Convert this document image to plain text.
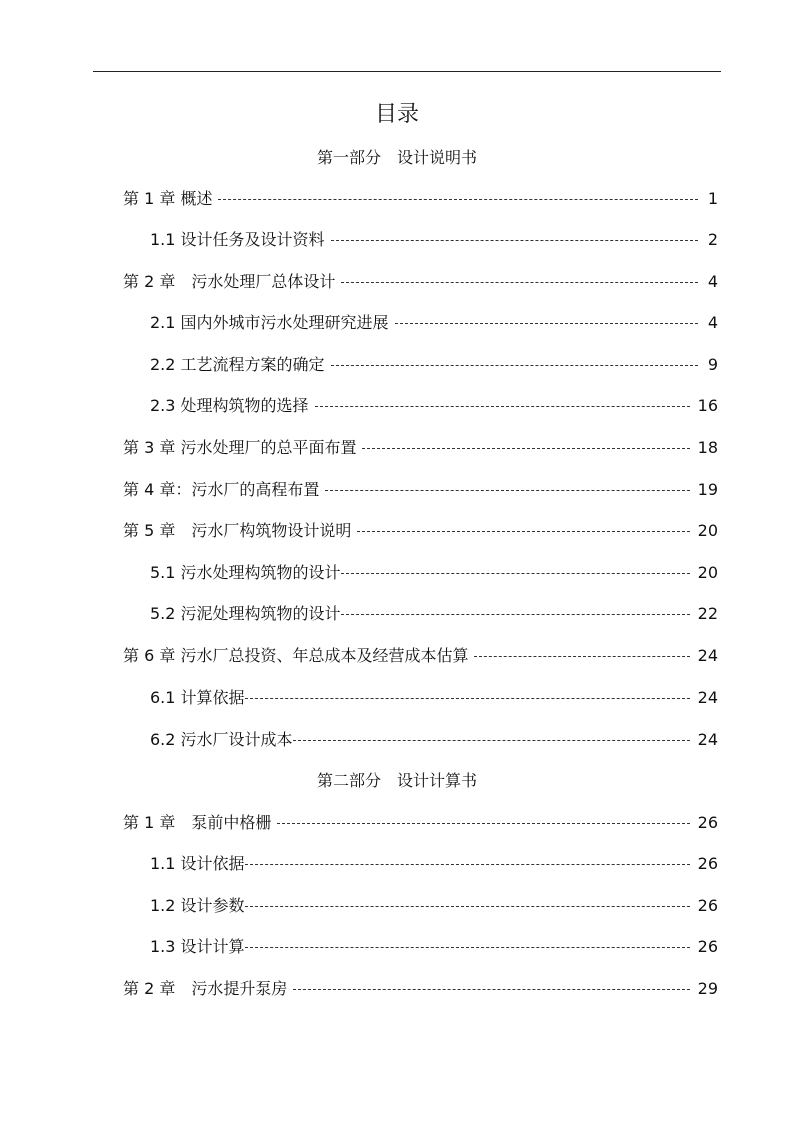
目录
第一部分　设计说明书
第 1 章 概述	1
1.1 设计任务及设计资料	2
第 2 章　污水处理厂总体设计	4
2.1 国内外城市污水处理研究进展	4
2.2 工艺流程方案的确定	9
2.3 处理构筑物的选择	16
第 3 章 污水处理厂的总平面布置	18
第 4 章：污水厂的高程布置	19
第 5 章　污水厂构筑物设计说明	20
5.1 污水处理构筑物的设计	20
5.2 污泥处理构筑物的设计	22
第 6 章 污水厂总投资、年总成本及经营成本估算	24
6.1 计算依据	24
6.2 污水厂设计成本	24
第二部分　设计计算书
第 1 章　泵前中格栅	26
1.1 设计依据	26
1.2 设计参数	26
1.3 设计计算	26
第 2 章　污水提升泵房	29
